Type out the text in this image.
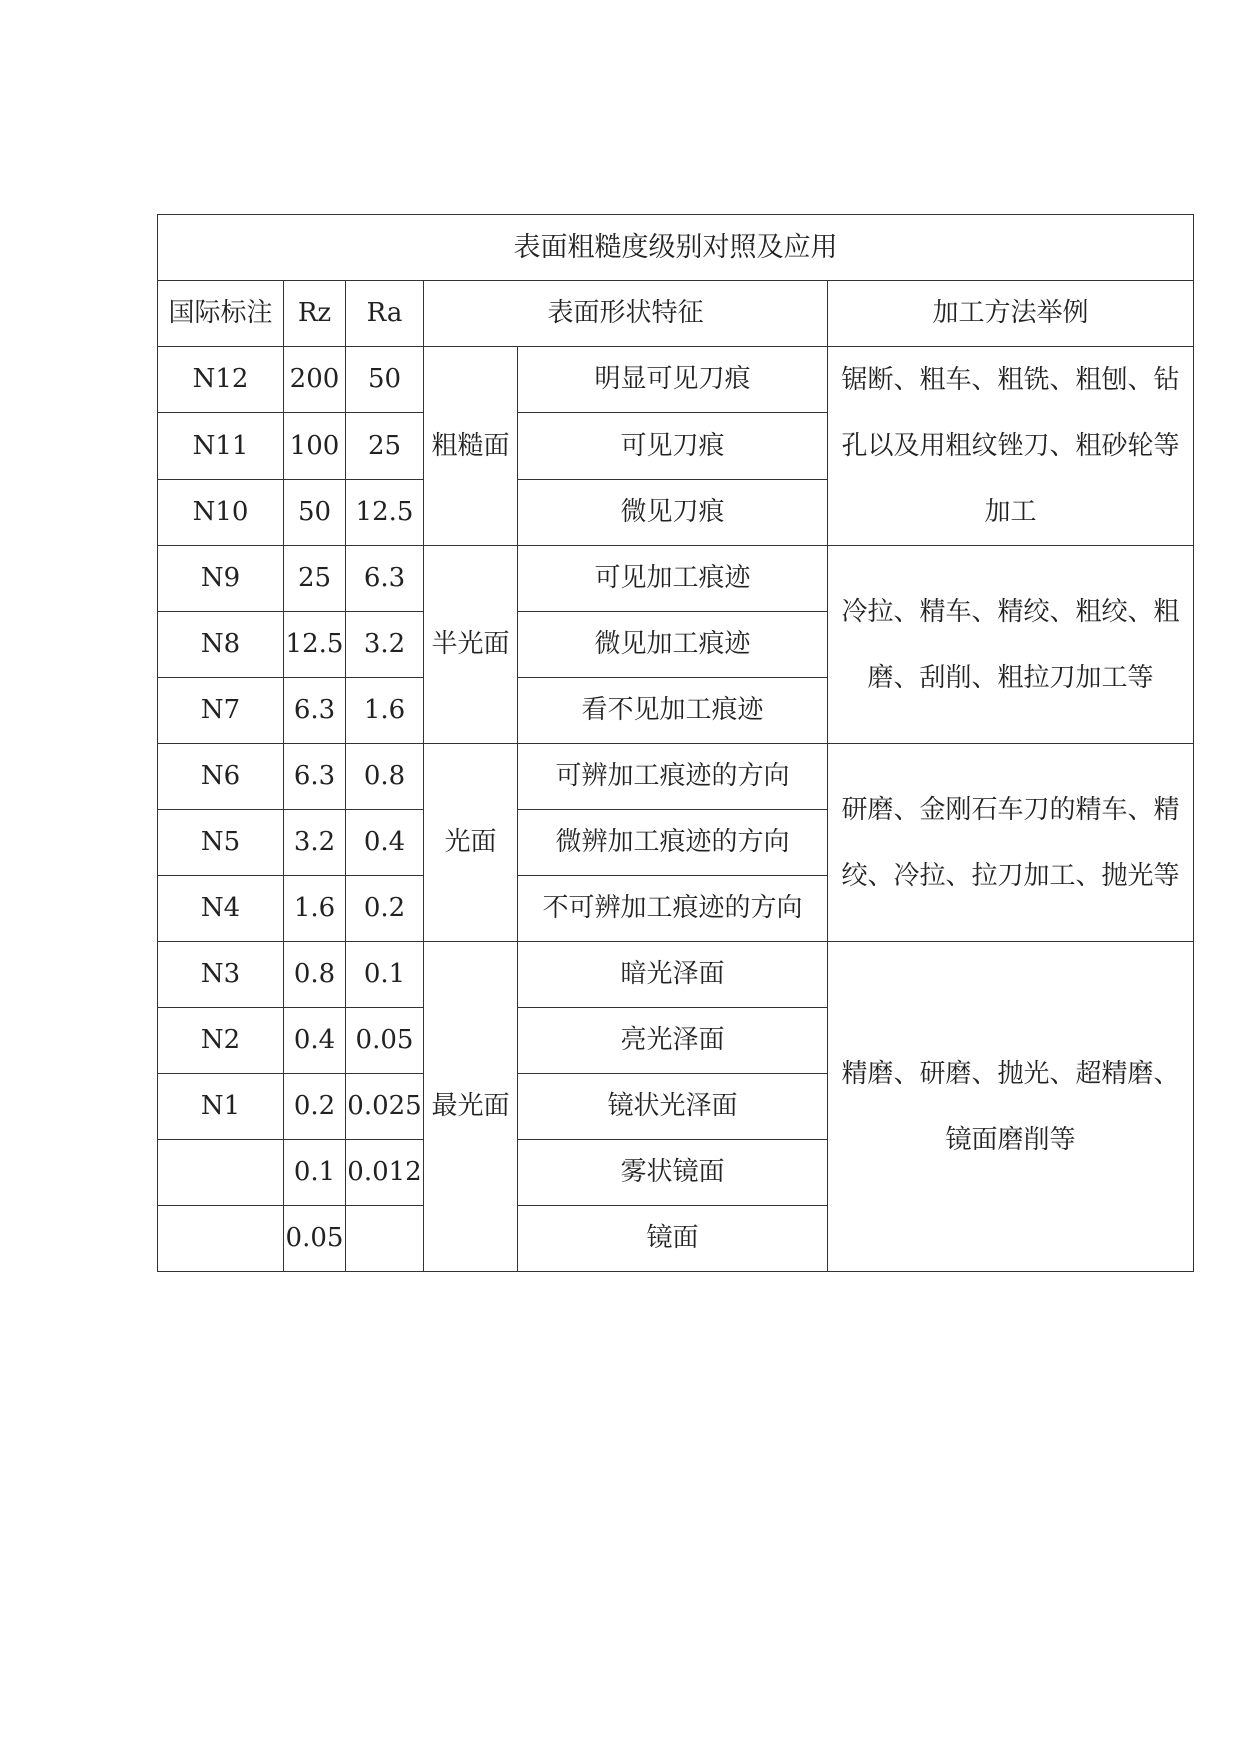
表面粗糙度级别对照及应用					
国际标注	Rz	Ra	表面形状特征		加工方法举例
N12	200	50	粗糙面	明显可见刀痕	锯断、粗车、粗铣、粗刨、钻孔以及用粗纹锉刀、粗砂轮等加工
N11	100	25		可见刀痕	
N10	50	12.5		微见刀痕	
N9	25	6.3	半光面	可见加工痕迹	冷拉、精车、精绞、粗绞、粗磨、刮削、粗拉刀加工等
N8	12.5	3.2		微见加工痕迹	
N7	6.3	1.6		看不见加工痕迹	
N6	6.3	0.8	光面	可辨加工痕迹的方向	研磨、金刚石车刀的精车、精绞、冷拉、拉刀加工、抛光等
N5	3.2	0.4		微辨加工痕迹的方向	
N4	1.6	0.2		不可辨加工痕迹的方向	
N3	0.8	0.1	最光面	暗光泽面	精磨、研磨、抛光、超精磨、镜面磨削等
N2	0.4	0.05		亮光泽面	
N1	0.2	0.025		镜状光泽面	
	0.1	0.012		雾状镜面	
	0.05			镜面	
